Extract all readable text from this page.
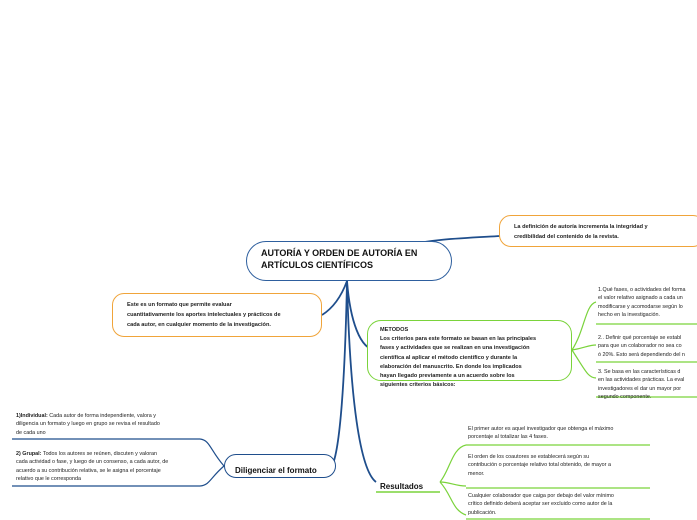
AUTORÍA Y ORDEN DE AUTORÍA EN
ARTÍCULOS CIENTÍFICOS
La definición de autoría incrementa la integridad y
credibilidad del contenido de la revista.
Este es un formato que permite evaluar
cuantitativamente los aportes intelectuales y prácticos de
cada autor, en cualquier momento de la investigación.
METODOS
Los criterios para este formato se basan en las principales
fases y actividades que se realizan en una investigación
científica al aplicar el método científico y durante la
elaboración del manuscrito. En donde los implicados
hayan llegado previamente a un acuerdo sobre los
siguientes criterios básicos:
1.Qué fases, o actividades del forma
el valor relativo asignado a cada un
modificarse y acomodarse según lo
hecho en la investigación.
2.. Definir qué porcentaje se establ
para que un colaborador no sea co
ó 20%. Esto será dependiendo del n
3. Se basa en las características d
en las actividades prácticas. La eval
investigadores el dar un mayor por
segundo componente.
Diligenciar el formato
1)Individual: Cada autor de forma independiente, valora y
diligencia un formato y luego en grupo se revisa el resultado
de cada uno
2) Grupal: Todos los autores se reúnen, discuten y valoran
cada actividad o fase, y luego de un consenso, a cada autor, de
acuerdo a su contribución relativa, se le asigna el porcentaje
relativo que le corresponda
Resultados
El primer autor es aquel investigador que obtenga el máximo
porcentaje al totalizar las 4 fases.
El orden de los coautores se establecerá según su
contribución o porcentaje relativo total obtenido, de mayor a
menor.
Cualquier colaborador que caiga por debajo del valor mínimo
crítico definido deberá aceptar ser excluido como autor de la
publicación.
